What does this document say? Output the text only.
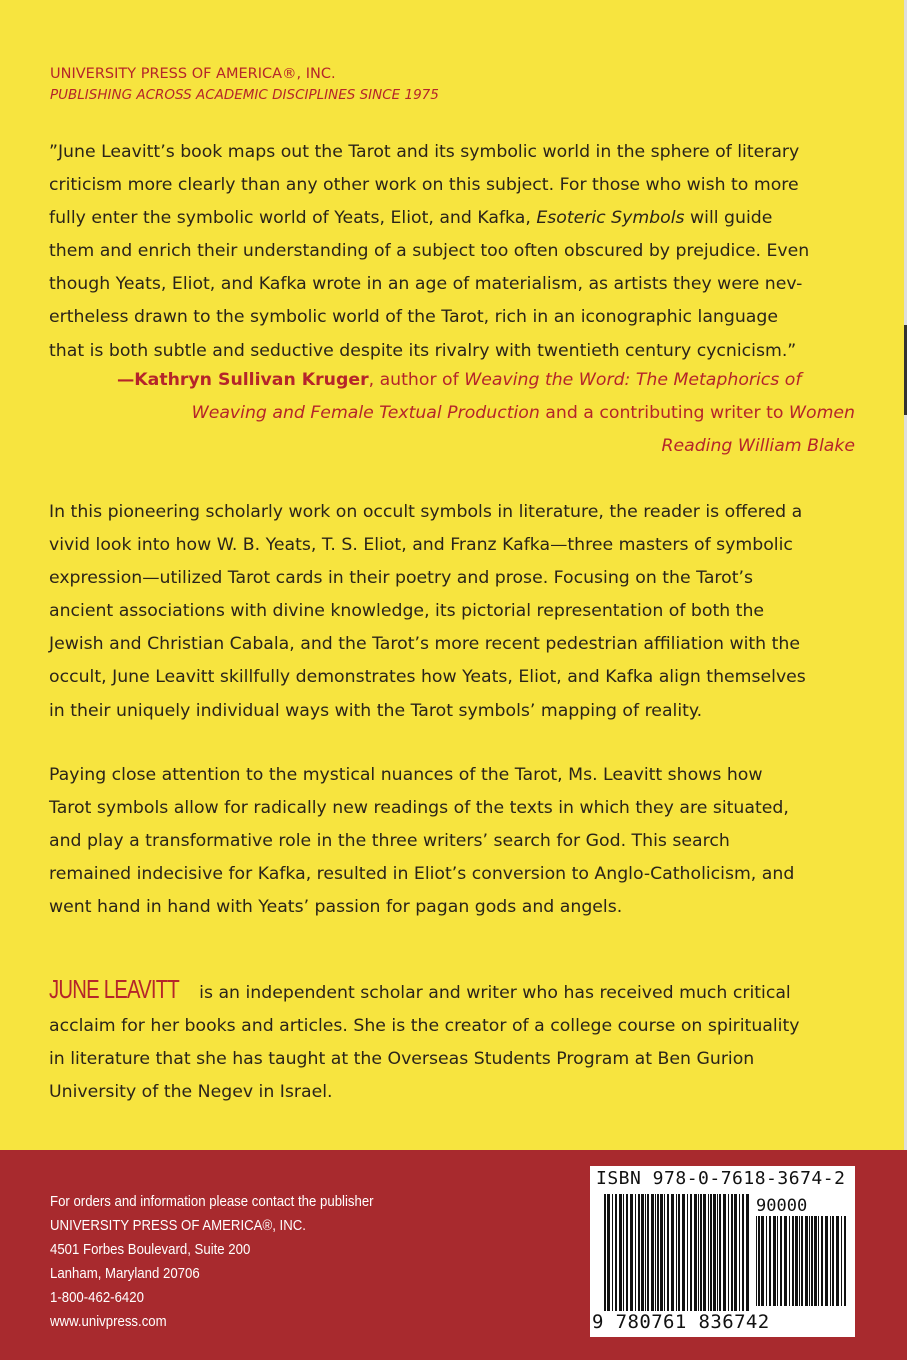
UNIVERSITY PRESS OF AMERICA®, INC.
PUBLISHING ACROSS ACADEMIC DISCIPLINES SINCE 1975
”June Leavitt’s book maps out the Tarot and its symbolic world in the sphere of literary
criticism more clearly than any other work on this subject. For those who wish to more
fully enter the symbolic world of Yeats, Eliot, and Kafka, Esoteric Symbols will guide
them and enrich their understanding of a subject too often obscured by prejudice. Even
though Yeats, Eliot, and Kafka wrote in an age of materialism, as artists they were nev-
ertheless drawn to the symbolic world of the Tarot, rich in an iconographic language
that is both subtle and seductive despite its rivalry with twentieth century cycnicism.”
—Kathryn Sullivan Kruger, author of Weaving the Word: The Metaphorics of
Weaving and Female Textual Production and a contributing writer to Women
Reading William Blake
In this pioneering scholarly work on occult symbols in literature, the reader is offered a
vivid look into how W. B. Yeats, T. S. Eliot, and Franz Kafka—three masters of symbolic
expression—utilized Tarot cards in their poetry and prose. Focusing on the Tarot’s
ancient associations with divine knowledge, its pictorial representation of both the
Jewish and Christian Cabala, and the Tarot’s more recent pedestrian affiliation with the
occult, June Leavitt skillfully demonstrates how Yeats, Eliot, and Kafka align themselves
in their uniquely individual ways with the Tarot symbols’ mapping of reality.
Paying close attention to the mystical nuances of the Tarot, Ms. Leavitt shows how
Tarot symbols allow for radically new readings of the texts in which they are situated,
and play a transformative role in the three writers’ search for God. This search
remained indecisive for Kafka, resulted in Eliot’s conversion to Anglo-Catholicism, and
went hand in hand with Yeats’ passion for pagan gods and angels.
JUNE LEAVITT is an independent scholar and writer who has received much critical
acclaim for her books and articles. She is the creator of a college course on spirituality
in literature that she has taught at the Overseas Students Program at Ben Gurion
University of the Negev in Israel.
For orders and information please contact the publisher
UNIVERSITY PRESS OF AMERICA®, INC.
4501 Forbes Boulevard, Suite 200
Lanham, Maryland 20706
1-800-462-6420
www.univpress.com
ISBN 978-0-7618-3674-2
90000
9 780761 836742
